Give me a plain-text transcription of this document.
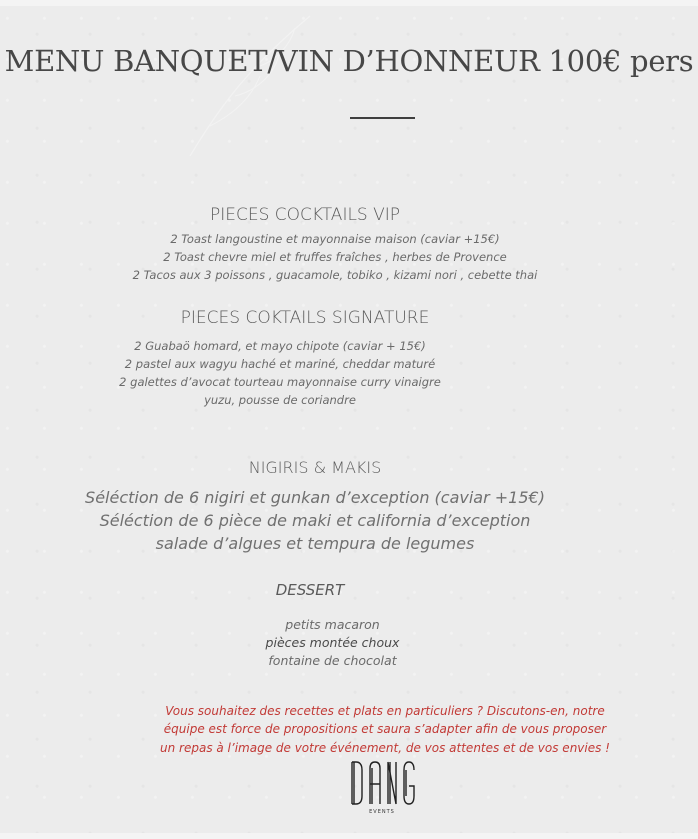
MENU BANQUET/VIN D’HONNEUR 100€ pers
PIECES COCKTAILS VIP
2 Toast langoustine et mayonnaise maison (caviar +15€)
2 Toast chevre miel et fruffes fraîches , herbes de Provence
2 Tacos aux 3 poissons , guacamole, tobiko , kizami nori , cebette thai
PIECES COKTAILS SIGNATURE
2 Guabaö homard, et mayo chipote (caviar + 15€)
2 pastel aux wagyu haché et mariné, cheddar maturé
2 galettes d’avocat tourteau mayonnaise curry vinaigre
yuzu, pousse de coriandre
NIGIRIS & MAKIS
Séléction de 6 nigiri et gunkan d’exception (caviar +15€)
Séléction de 6 pièce de maki et california d’exception
salade d’algues et tempura de legumes
DESSERT
petits macaron
pièces montée choux
fontaine de chocolat
Vous souhaitez des recettes et plats en particuliers ? Discutons-en, notre
équipe est force de propositions et saura s’adapter afin de vous proposer
un repas à l’image de votre événement, de vos attentes et de vos envies !
EVENTS
